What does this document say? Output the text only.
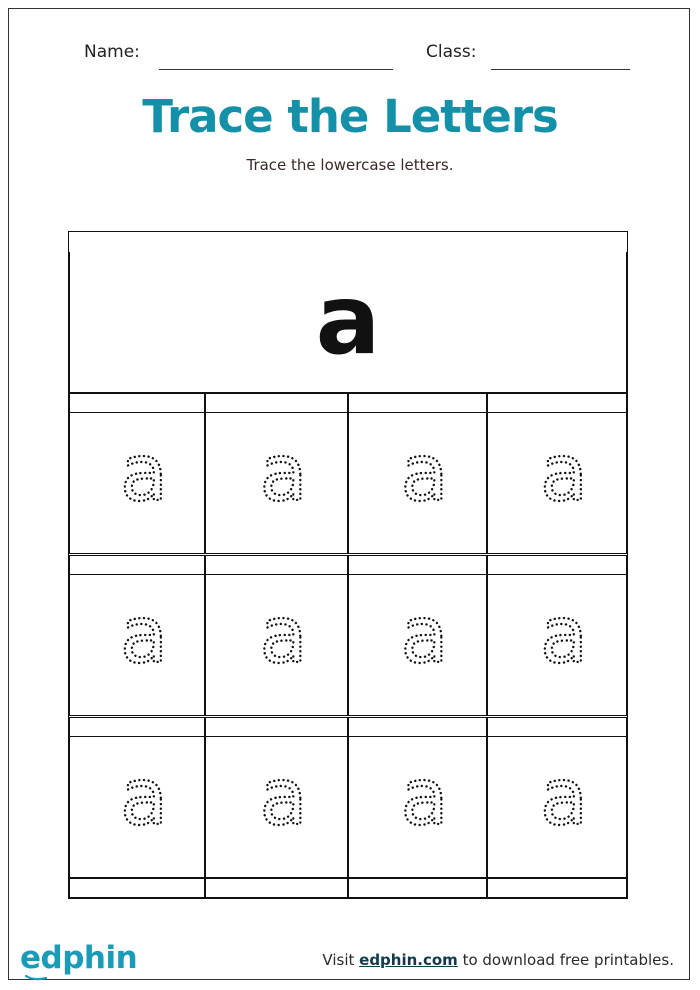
Name:	Class:
Trace the Letters
Trace the lowercase letters.
a
a a a a
a a a a
a a a a
edphin	Visit edphin.com to download free printables.
